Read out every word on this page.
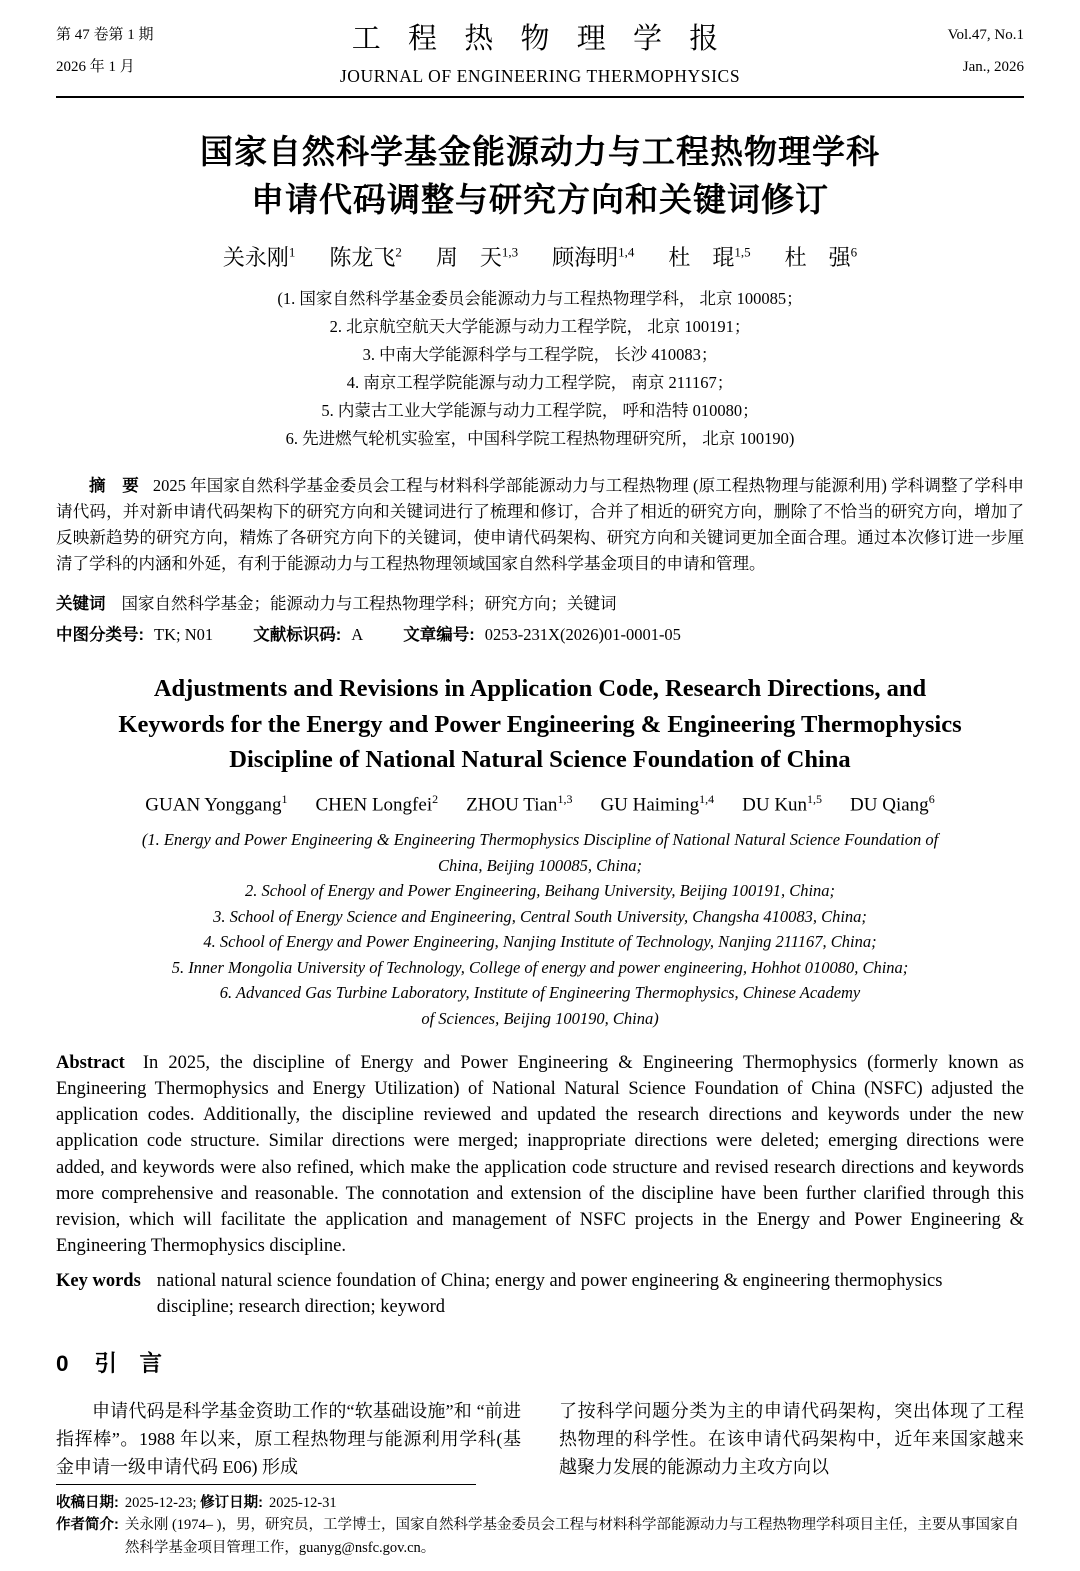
第 47 卷第 1 期
2026 年 1 月
工 程 热 物 理 学 报
JOURNAL OF ENGINEERING THERMOPHYSICS
Vol.47, No.1
Jan., 2026
国家自然科学基金能源动力与工程热物理学科
申请代码调整与研究方向和关键词修订
关永刚$^1$ 陈龙飞$^2$ 周　天$^{1,3}$ 顾海明$^{1,4}$ 杜　琨$^{1,5}$ 杜　强$^6$
(1. 国家自然科学基金委员会能源动力与工程热物理学科， 北京 100085；
2. 北京航空航天大学能源与动力工程学院， 北京 100191；
3. 中南大学能源科学与工程学院， 长沙 410083；
4. 南京工程学院能源与动力工程学院， 南京 211167；
5. 内蒙古工业大学能源与动力工程学院， 呼和浩特 010080；
6. 先进燃气轮机实验室，中国科学院工程热物理研究所， 北京 100190)

摘　要 2025 年国家自然科学基金委员会工程与材料科学部能源动力与工程热物理 (原工程热物理与能源利用) 学科调整了学科申请代码，并对新申请代码架构下的研究方向和关键词进行了梳理和修订，合并了相近的研究方向，删除了不恰当的研究方向，增加了反映新趋势的研究方向，精炼了各研究方向下的关键词，使申请代码架构、研究方向和关键词更加全面合理。通过本次修订进一步厘清了学科的内涵和外延，有利于能源动力与工程热物理领域国家自然科学基金项目的申请和管理。

关键词 国家自然科学基金；能源动力与工程热物理学科；研究方向；关键词

中图分类号: TK; N01 文献标识码: A 文章编号: 0253-231X(2026)01-0001-05

Adjustments and Revisions in Application Code, Research Directions, and
Keywords for the Energy and Power Engineering & Engineering Thermophysics
Discipline of National Natural Science Foundation of China
GUAN Yonggang$^1$ CHEN Longfei$^2$ ZHOU Tian$^{1,3}$ GU Haiming$^{1,4}$ DU Kun$^{1,5}$ DU Qiang$^6$
(1. Energy and Power Engineering & Engineering Thermophysics Discipline of National Natural Science Foundation of
China, Beijing 100085, China;
2. School of Energy and Power Engineering, Beihang University, Beijing 100191, China;
3. School of Energy Science and Engineering, Central South University, Changsha 410083, China;
4. School of Energy and Power Engineering, Nanjing Institute of Technology, Nanjing 211167, China;
5. Inner Mongolia University of Technology, College of energy and power engineering, Hohhot 010080, China;
6. Advanced Gas Turbine Laboratory, Institute of Engineering Thermophysics, Chinese Academy
of Sciences, Beijing 100190, China)

Abstract In 2025, the discipline of Energy and Power Engineering & Engineering Thermophysics (formerly known as Engineering Thermophysics and Energy Utilization) of National Natural Science Foundation of China (NSFC) adjusted the application codes. Additionally, the discipline reviewed and updated the research directions and keywords under the new application code structure. Similar directions were merged; inappropriate directions were deleted; emerging directions were added, and keywords were also refined, which make the application code structure and revised research directions and keywords more comprehensive and reasonable. The connotation and extension of the discipline have been further clarified through this revision, which will facilitate the application and management of NSFC projects in the Energy and Power Engineering & Engineering Thermophysics discipline.

Key words national natural science foundation of China; energy and power engineering & engineering thermophysics discipline; research direction; keyword
0 引　言

申请代码是科学基金资助工作的“软基础设施”和 “前进指挥棒”。1988 年以来，原工程热物理与能源利用学科(基金申请一级申请代码 E06) 形成

了按科学问题分类为主的申请代码架构，突出体现了工程热物理的科学性。在该申请代码架构中，近年来国家越来越聚力发展的能源动力主攻方向以

收稿日期: 2025-12-23; 修订日期: 2025-12-31
作者简介: 关永刚 (1974– )，男，研究员，工学博士，国家自然科学基金委员会工程与材料科学部能源动力与工程热物理学科项目主任，主要从事国家自然科学基金项目管理工作，guanyg@nsfc.gov.cn。
